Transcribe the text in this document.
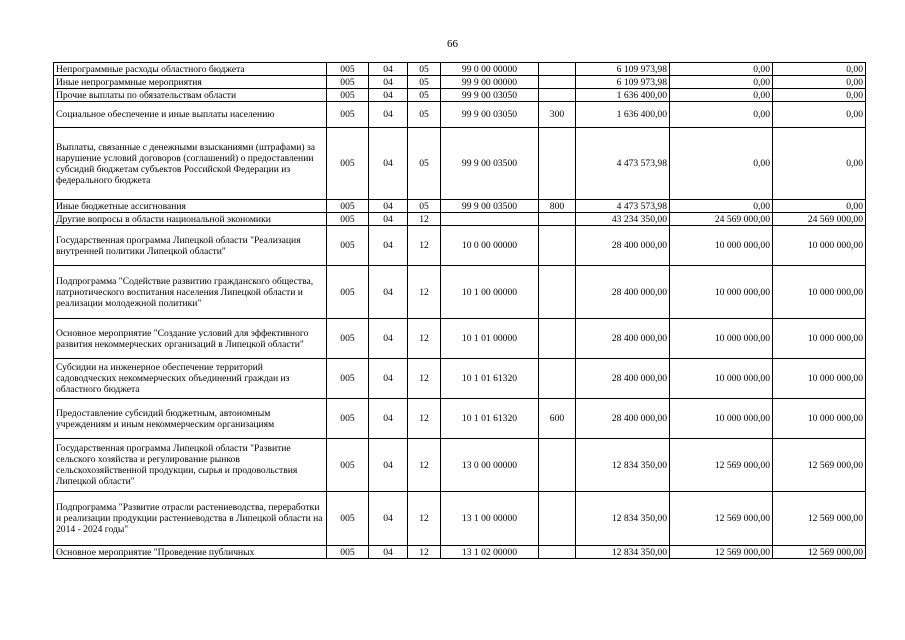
66
Непрограммные расходы областного бюджета	005	04	05	99 0 00 00000		6 109 973,98	0,00	0,00
Иные непрограммные мероприятия	005	04	05	99 9 00 00000		6 109 973,98	0,00	0,00
Прочие выплаты по обязательствам области	005	04	05	99 9 00 03050		1 636 400,00	0,00	0,00
Социальное обеспечение и иные выплаты населению	005	04	05	99 9 00 03050	300	1 636 400,00	0,00	0,00
Выплаты, связанные с денежными взысканиями (штрафами) за нарушение условий договоров (соглашений) о предоставлении субсидий бюджетам субъектов Российской Федерации из федерального бюджета	005	04	05	99 9 00 03500		4 473 573,98	0,00	0,00
Иные бюджетные ассигнования	005	04	05	99 9 00 03500	800	4 473 573,98	0,00	0,00
Другие вопросы в области национальной экономики	005	04	12			43 234 350,00	24 569 000,00	24 569 000,00
Государственная программа Липецкой области "Реализация внутренней политики Липецкой области"	005	04	12	10 0 00 00000		28 400 000,00	10 000 000,00	10 000 000,00
Подпрограмма "Содействие развитию гражданского общества, патриотического воспитания населения Липецкой области и реализации молодежной политики"	005	04	12	10 1 00 00000		28 400 000,00	10 000 000,00	10 000 000,00
Основное мероприятие "Создание условий для эффективного развития некоммерческих организаций в Липецкой области"	005	04	12	10 1 01 00000		28 400 000,00	10 000 000,00	10 000 000,00
Субсидии на инженерное обеспечение территорий садоводческих некоммерческих объединений граждан из областного бюджета	005	04	12	10 1 01 61320		28 400 000,00	10 000 000,00	10 000 000,00
Предоставление субсидий бюджетным, автономным учреждениям и иным некоммерческим организациям	005	04	12	10 1 01 61320	600	28 400 000,00	10 000 000,00	10 000 000,00
Государственная программа Липецкой области "Развитие сельского хозяйства и регулирование рынков сельскохозяйственной продукции, сырья и продовольствия Липецкой области"	005	04	12	13 0 00 00000		12 834 350,00	12 569 000,00	12 569 000,00
Подпрограмма "Развитие отрасли растениеводства, переработки и реализации продукции растениеводства в Липецкой области на 2014 - 2024 годы"	005	04	12	13 1 00 00000		12 834 350,00	12 569 000,00	12 569 000,00
Основное мероприятие "Проведение публичных	005	04	12	13 1 02 00000		12 834 350,00	12 569 000,00	12 569 000,00
